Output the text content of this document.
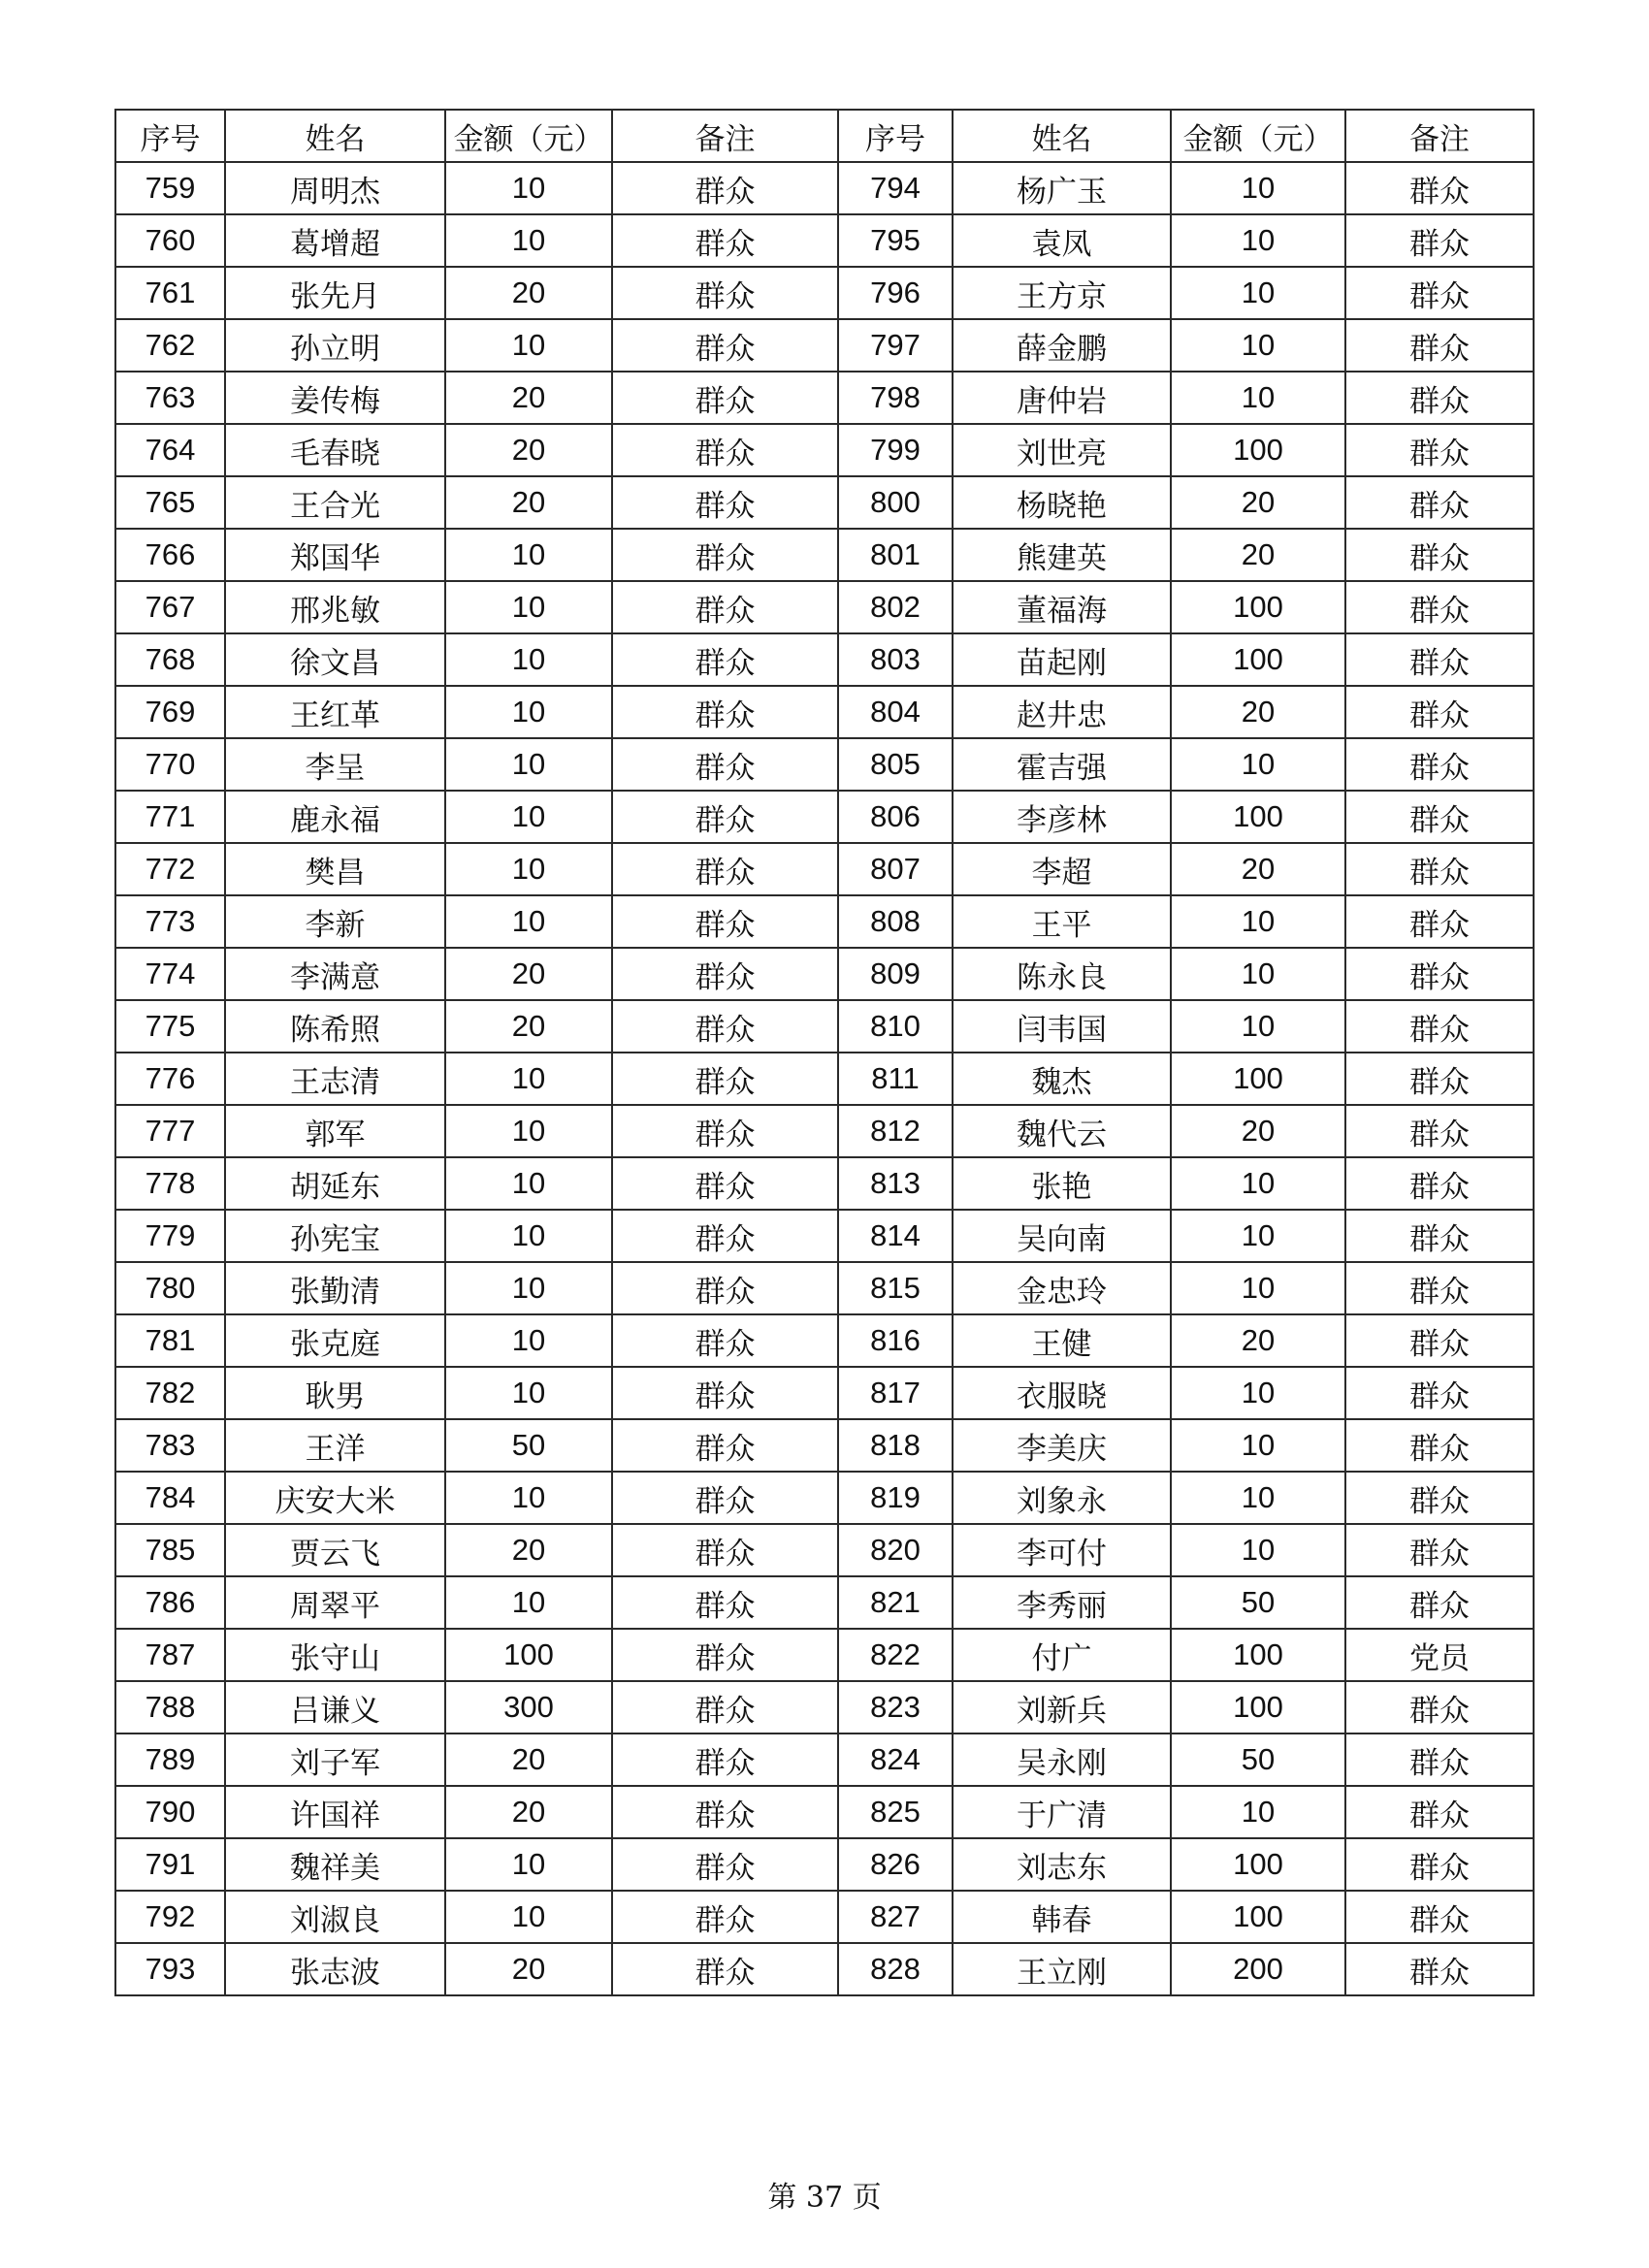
序号	姓名	金额（元）	备注	序号	姓名	金额（元）	备注
759	周明杰	10	群众	794	杨广玉	10	群众
760	葛增超	10	群众	795	袁凤	10	群众
761	张先月	20	群众	796	王方京	10	群众
762	孙立明	10	群众	797	薛金鹏	10	群众
763	姜传梅	20	群众	798	唐仲岩	10	群众
764	毛春晓	20	群众	799	刘世亮	100	群众
765	王合光	20	群众	800	杨晓艳	20	群众
766	郑国华	10	群众	801	熊建英	20	群众
767	邢兆敏	10	群众	802	董福海	100	群众
768	徐文昌	10	群众	803	苗起刚	100	群众
769	王红革	10	群众	804	赵井忠	20	群众
770	李呈	10	群众	805	霍吉强	10	群众
771	鹿永福	10	群众	806	李彦林	100	群众
772	樊昌	10	群众	807	李超	20	群众
773	李新	10	群众	808	王平	10	群众
774	李满意	20	群众	809	陈永良	10	群众
775	陈希照	20	群众	810	闫韦国	10	群众
776	王志清	10	群众	811	魏杰	100	群众
777	郭军	10	群众	812	魏代云	20	群众
778	胡延东	10	群众	813	张艳	10	群众
779	孙宪宝	10	群众	814	吴向南	10	群众
780	张勤清	10	群众	815	金忠玲	10	群众
781	张克庭	10	群众	816	王健	20	群众
782	耿男	10	群众	817	衣服晓	10	群众
783	王洋	50	群众	818	李美庆	10	群众
784	庆安大米	10	群众	819	刘象永	10	群众
785	贾云飞	20	群众	820	李可付	10	群众
786	周翠平	10	群众	821	李秀丽	50	群众
787	张守山	100	群众	822	付广	100	党员
788	吕谦义	300	群众	823	刘新兵	100	群众
789	刘子军	20	群众	824	吴永刚	50	群众
790	许国祥	20	群众	825	于广清	10	群众
791	魏祥美	10	群众	826	刘志东	100	群众
792	刘淑良	10	群众	827	韩春	100	群众
793	张志波	20	群众	828	王立刚	200	群众
第 37 页
